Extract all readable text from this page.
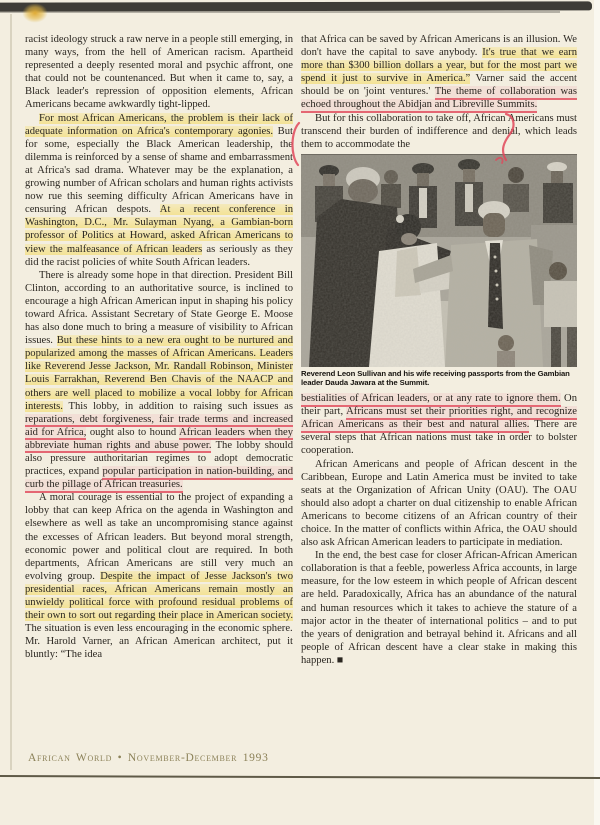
racist ideology struck a raw nerve in a people still emerging, in many ways, from the hell of American racism. Apartheid represented a deeply resented moral and psychic affront, one that could not be countenanced. But when it came to, say, a Black leader's repression of opposition elements, African Americans became awkwardly tight-lipped.

For most African Americans, the problem is their lack of adequate information on Africa's contemporary agonies. But for some, especially the Black American leadership, the dilemma is reinforced by a sense of shame and embarrassment at Africa's sad drama. Whatever may be the explanation, a growing number of African scholars and human rights activists now rue this seeming difficulty African Americans have in censuring African despots. At a recent conference in Washington, D.C., Mr. Sulayman Nyang, a Gambian-born professor of Politics at Howard, asked African Americans to view the malfeasance of African leaders as seriously as they did the racist policies of white South African leaders.

There is already some hope in that direction. President Bill Clinton, according to an authoritative source, is inclined to encourage a high African American input in shaping his policy toward Africa. Assistant Secretary of State George E. Moose has also done much to bring a measure of visibility to African issues. But these hints to a new era ought to be nurtured and popularized among the masses of African Americans. Leaders like Reverend Jesse Jackson, Mr. Randall Robinson, Minister Louis Farrakhan, Reverend Ben Chavis of the NAACP and others are well placed to mobilize a vocal lobby for African interests. This lobby, in addition to raising such issues as reparations, debt forgiveness, fair trade terms and increased aid for Africa, ought also to hound African leaders when they abbreviate human rights and abuse power. The lobby should also pressure authoritarian regimes to adopt democratic practices, expand popular participation in nation-building, and curb the pillage of African treasuries.

A moral courage is essential to the project of expanding a lobby that can keep Africa on the agenda in Washington and elsewhere as well as take an uncompromising stance against the excesses of African leaders. But beyond moral strength, economic power and political clout are required. In both departments, African Americans are still very much an evolving group. Despite the impact of Jesse Jackson's two presidential races, African Americans remain mostly an unwieldy political force with profound residual problems of their own to sort out regarding their place in American society. The situation is even less encouraging in the economic sphere. Mr. Harold Varner, an African American architect, put it bluntly: “The idea

that Africa can be saved by African Americans is an illusion. We don't have the capital to save anybody. It's true that we earn more than $300 billion dollars a year, but for the most part we spend it just to survive in America.” Varner said the accent should be on 'joint ventures.' The theme of collaboration was echoed throughout the Abidjan and Libreville Summits.

But for this collaboration to take off, African Americans must transcend their burden of indifference and denial, which leads them to accommodate the

Reverend Leon Sullivan and his wife receiving passports from the Gambian leader Dauda Jawara at the Summit.

bestialities of African leaders, or at any rate to ignore them. On their part, Africans must set their priorities right, and recognize African Americans as their best and natural allies. There are several steps that African nations must take in order to bolster cooperation.

African Americans and people of African descent in the Caribbean, Europe and Latin America must be invited to take seats at the Organization of African Unity (OAU). The OAU should also adopt a charter on dual citizenship to enable African Americans to become citizens of an African country of their choice. In the matter of conflicts within Africa, the OAU should also ask African American leaders to participate in mediation.

In the end, the best case for closer African-African American collaboration is that a feeble, powerless Africa accounts, in large measure, for the low esteem in which people of African descent are held. Paradoxically, Africa has an abundance of the natural and human resources which it takes to achieve the stature of a major actor in the theater of international politics – and to put the years of denigration and betrayal behind it. Africans and all people of African descent have a clear stake in making this happen. ■

African World • November-December 1993
